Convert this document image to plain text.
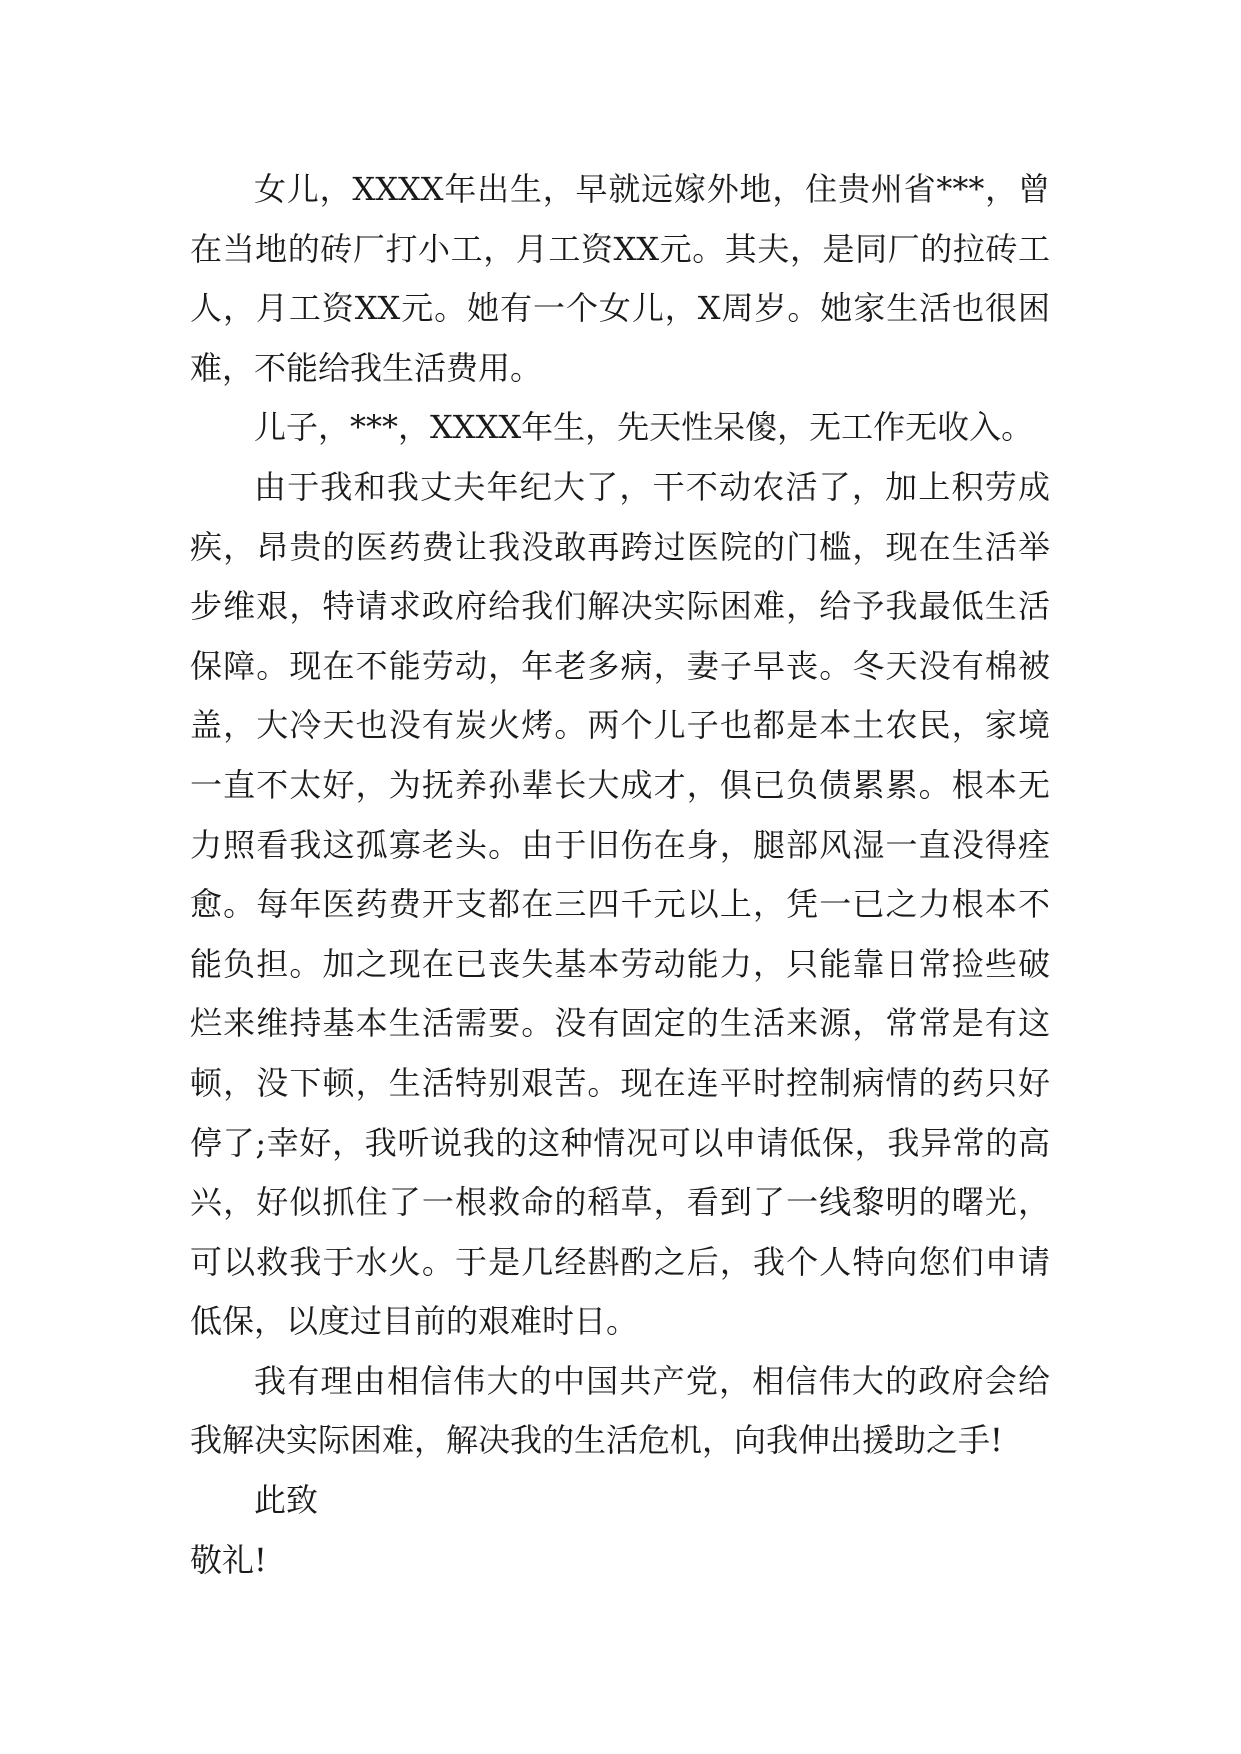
女儿，XXXX年出生，早就远嫁外地，住贵州省***，曾在当地的砖厂打小工，月工资XX元。其夫，是同厂的拉砖工人，月工资XX元。她有一个女儿，X周岁。她家生活也很困难，不能给我生活费用。

儿子，***，XXXX年生，先天性呆傻，无工作无收入。

由于我和我丈夫年纪大了，干不动农活了，加上积劳成疾，昂贵的医药费让我没敢再跨过医院的门槛，现在生活举步维艰，特请求政府给我们解决实际困难，给予我最低生活保障。现在不能劳动，年老多病，妻子早丧。冬天没有棉被盖，大冷天也没有炭火烤。两个儿子也都是本土农民，家境一直不太好，为抚养孙辈长大成才，俱已负债累累。根本无力照看我这孤寡老头。由于旧伤在身，腿部风湿一直没得痊愈。每年医药费开支都在三四千元以上，凭一已之力根本不能负担。加之现在已丧失基本劳动能力，只能靠日常捡些破烂来维持基本生活需要。没有固定的生活来源，常常是有这顿，没下顿，生活特别艰苦。现在连平时控制病情的药只好停了;幸好，我听说我的这种情况可以申请低保，我异常的高兴，好似抓住了一根救命的稻草，看到了一线黎明的曙光，可以救我于水火。于是几经斟酌之后，我个人特向您们申请低保，以度过目前的艰难时日。

我有理由相信伟大的中国共产党，相信伟大的政府会给我解决实际困难，解决我的生活危机，向我伸出援助之手!

此致

敬礼!
